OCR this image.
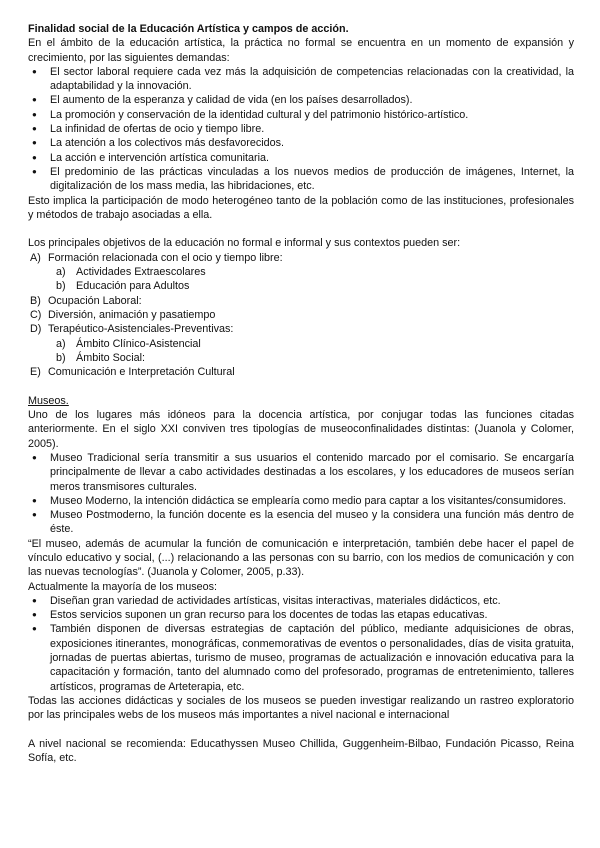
Finalidad social de la Educación Artística y campos de acción.

En el ámbito de la educación artística, la práctica no formal se encuentra en un momento de expansión y crecimiento, por las siguientes demandas:

● El sector laboral requiere cada vez más la adquisición de competencias relacionadas con la creatividad, la adaptabilidad y la innovación.
● El aumento de la esperanza y calidad de vida (en los países desarrollados).
● La promoción y conservación de la identidad cultural y del patrimonio histórico-artístico.
● La infinidad de ofertas de ocio y tiempo libre.
● La atención a los colectivos más desfavorecidos.
● La acción e intervención artística comunitaria.
● El predominio de las prácticas vinculadas a los nuevos medios de producción de imágenes, Internet, la digitalización de los mass media, las hibridaciones, etc.

Esto implica la participación de modo heterogéneo tanto de la población como de las instituciones, profesionales y métodos de trabajo asociadas a ella.

Los principales objetivos de la educación no formal e informal y sus contextos pueden ser:

A) Formación relacionada con el ocio y tiempo libre:
a) Actividades Extraescolares
b) Educación para Adultos
B) Ocupación Laboral:
C) Diversión, animación y pasatiempo
D) Terapéutico-Asistenciales-Preventivas:
a) Ámbito Clínico-Asistencial
b) Ámbito Social:
E) Comunicación e Interpretación Cultural

Museos.

Uno de los lugares más idóneos para la docencia artística, por conjugar todas las funciones citadas anteriormente. En el siglo XXI conviven tres tipologías de museoconfinalidades distintas: (Juanola y Colomer, 2005).

● Museo Tradicional sería transmitir a sus usuarios el contenido marcado por el comisario. Se encargaría principalmente de llevar a cabo actividades destinadas a los escolares, y los educadores de museos serían meros transmisores culturales.
● Museo Moderno, la intención didáctica se emplearía como medio para captar a los visitantes/consumidores.
● Museo Postmoderno, la función docente es la esencia del museo y la considera una función más dentro de éste.

“El museo, además de acumular la función de comunicación e interpretación, también debe hacer el papel de vínculo educativo y social, (...) relacionando a las personas con su barrio, con los medios de comunicación y con las nuevas tecnologías”. (Juanola y Colomer, 2005, p.33).

Actualmente la mayoría de los museos:

● Diseñan gran variedad de actividades artísticas, visitas interactivas, materiales didácticos, etc.
● Estos servicios suponen un gran recurso para los docentes de todas las etapas educativas.
● También disponen de diversas estrategias de captación del público, mediante adquisiciones de obras, exposiciones itinerantes, monográficas, conmemorativas de eventos o personalidades, días de visita gratuita, jornadas de puertas abiertas, turismo de museo, programas de actualización e innovación educativa para la capacitación y formación, tanto del alumnado como del profesorado, programas de entretenimiento, talleres artísticos, programas de Arteterapia, etc.

Todas las acciones didácticas y sociales de los museos se pueden investigar realizando un rastreo exploratorio por las principales webs de los museos más importantes a nivel nacional e internacional

A nivel nacional se recomienda: Educathyssen Museo Chillida, Guggenheim-Bilbao, Fundación Picasso, Reina Sofía, etc.
